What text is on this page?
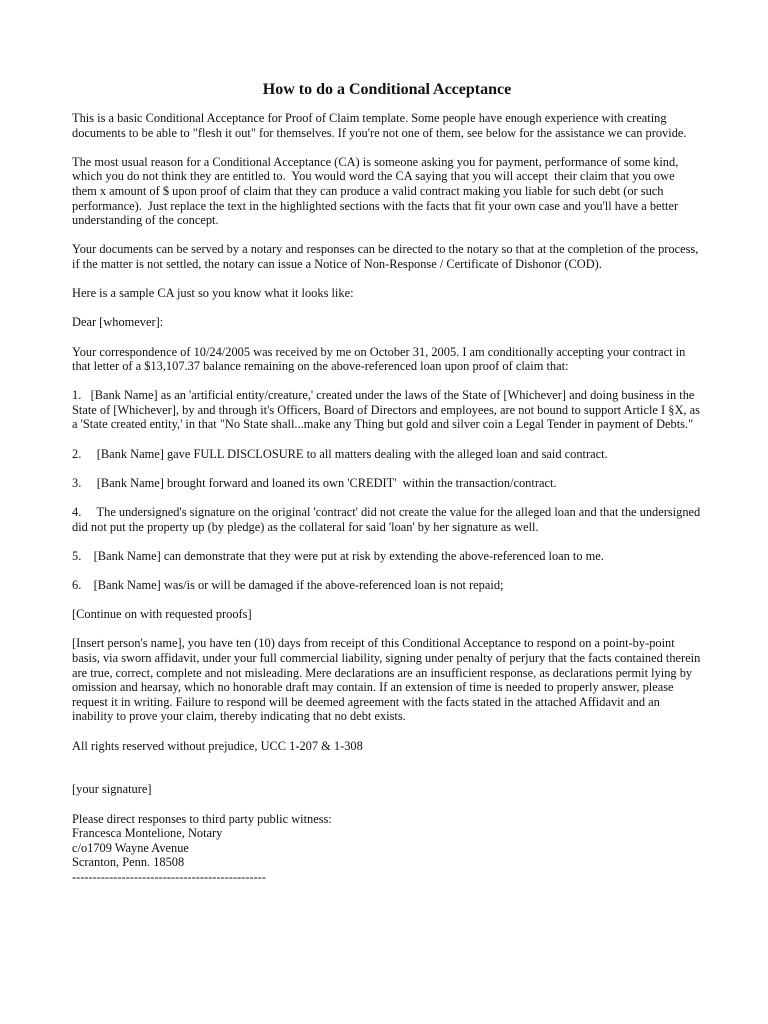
How to do a Conditional Acceptance

This is a basic Conditional Acceptance for Proof of Claim template. Some people have enough experience with creating documents to be able to "flesh it out" for themselves. If you're not one of them, see below for the assistance we can provide.

The most usual reason for a Conditional Acceptance (CA) is someone asking you for payment, performance of some kind, which you do not think they are entitled to.  You would word the CA saying that you will accept  their claim that you owe them x amount of $ upon proof of claim that they can produce a valid contract making you liable for such debt (or such performance).  Just replace the text in the highlighted sections with the facts that fit your own case and you'll have a better understanding of the concept.

Your documents can be served by a notary and responses can be directed to the notary so that at the completion of the process, if the matter is not settled, the notary can issue a Notice of Non-Response / Certificate of Dishonor (COD).

Here is a sample CA just so you know what it looks like:

Dear [whomever]:

Your correspondence of 10/24/2005 was received by me on October 31, 2005. I am conditionally accepting your contract in that letter of a $13,107.37 balance remaining on the above-referenced loan upon proof of claim that:

1.   [Bank Name] as an 'artificial entity/creature,' created under the laws of the State of [Whichever] and doing business in the State of [Whichever], by and through it's Officers, Board of Directors and employees, are not bound to support Article I §X, as a 'State created entity,' in that "No State shall...make any Thing but gold and silver coin a Legal Tender in payment of Debts."

2.     [Bank Name] gave FULL DISCLOSURE to all matters dealing with the alleged loan and said contract.

3.     [Bank Name] brought forward and loaned its own 'CREDIT'  within the transaction/contract.

4.     The undersigned's signature on the original 'contract' did not create the value for the alleged loan and that the undersigned did not put the property up (by pledge) as the collateral for said 'loan' by her signature as well.

5.    [Bank Name] can demonstrate that they were put at risk by extending the above-referenced loan to me.

6.    [Bank Name] was/is or will be damaged if the above-referenced loan is not repaid;

[Continue on with requested proofs]

[Insert person's name], you have ten (10) days from receipt of this Conditional Acceptance to respond on a point-by-point basis, via sworn affidavit, under your full commercial liability, signing under penalty of perjury that the facts contained therein are true, correct, complete and not misleading. Mere declarations are an insufficient response, as declarations permit lying by omission and hearsay, which no honorable draft may contain. If an extension of time is needed to properly answer, please request it in writing. Failure to respond will be deemed agreement with the facts stated in the attached Affidavit and an inability to prove your claim, thereby indicating that no debt exists.

All rights reserved without prejudice, UCC 1-207 & 1-308

[your signature]

Please direct responses to third party public witness:

Francesca Montelione, Notary

c/o1709 Wayne Avenue

Scranton, Penn. 18508

-----------------------------------------------
